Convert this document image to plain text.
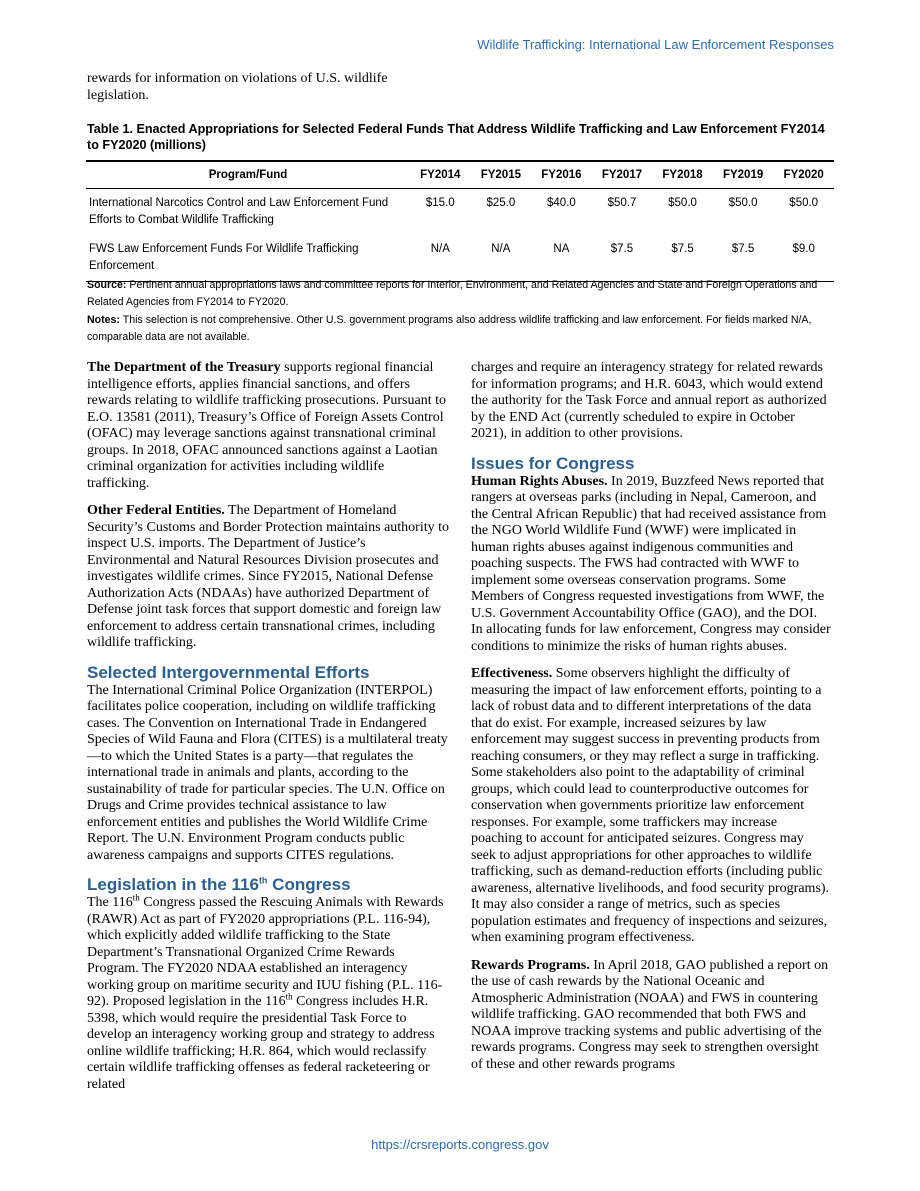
Wildlife Trafficking: International Law Enforcement Responses
rewards for information on violations of U.S. wildlife legislation.
Table 1. Enacted Appropriations for Selected Federal Funds That Address Wildlife Trafficking and Law Enforcement FY2014 to FY2020 (millions)
Program/Fund	FY2014	FY2015	FY2016	FY2017	FY2018	FY2019	FY2020
International Narcotics Control and Law Enforcement Fund Efforts to Combat Wildlife Trafficking	$15.0	$25.0	$40.0	$50.7	$50.0	$50.0	$50.0
FWS Law Enforcement Funds For Wildlife Trafficking Enforcement	N/A	N/A	NA	$7.5	$7.5	$7.5	$9.0
Source: Pertinent annual appropriations laws and committee reports for Interior, Environment, and Related Agencies and State and Foreign Operations and Related Agencies from FY2014 to FY2020.
Notes: This selection is not comprehensive. Other U.S. government programs also address wildlife trafficking and law enforcement. For fields marked N/A, comparable data are not available.

The Department of the Treasury supports regional financial intelligence efforts, applies financial sanctions, and offers rewards relating to wildlife trafficking prosecutions. Pursuant to E.O. 13581 (2011), Treasury’s Office of Foreign Assets Control (OFAC) may leverage sanctions against transnational criminal groups. In 2018, OFAC announced sanctions against a Laotian criminal organization for activities including wildlife trafficking.

Other Federal Entities. The Department of Homeland Security’s Customs and Border Protection maintains authority to inspect U.S. imports. The Department of Justice’s Environmental and Natural Resources Division prosecutes and investigates wildlife crimes. Since FY2015, National Defense Authorization Acts (NDAAs) have authorized Department of Defense joint task forces that support domestic and foreign law enforcement to address certain transnational crimes, including wildlife trafficking.

Selected Intergovernmental Efforts

The International Criminal Police Organization (INTERPOL) facilitates police cooperation, including on wildlife trafficking cases. The Convention on International Trade in Endangered Species of Wild Fauna and Flora (CITES) is a multilateral treaty—to which the United States is a party—that regulates the international trade in animals and plants, according to the sustainability of trade for particular species. The U.N. Office on Drugs and Crime provides technical assistance to law enforcement entities and publishes the World Wildlife Crime Report. The U.N. Environment Program conducts public awareness campaigns and supports CITES regulations.

Legislation in the 116th Congress

The 116th Congress passed the Rescuing Animals with Rewards (RAWR) Act as part of FY2020 appropriations (P.L. 116-94), which explicitly added wildlife trafficking to the State Department’s Transnational Organized Crime Rewards Program. The FY2020 NDAA established an interagency working group on maritime security and IUU fishing (P.L. 116-92). Proposed legislation in the 116th Congress includes H.R. 5398, which would require the presidential Task Force to develop an interagency working group and strategy to address online wildlife trafficking; H.R. 864, which would reclassify certain wildlife trafficking offenses as federal racketeering or related

charges and require an interagency strategy for related rewards for information programs; and H.R. 6043, which would extend the authority for the Task Force and annual report as authorized by the END Act (currently scheduled to expire in October 2021), in addition to other provisions.

Issues for Congress

Human Rights Abuses. In 2019, Buzzfeed News reported that rangers at overseas parks (including in Nepal, Cameroon, and the Central African Republic) that had received assistance from the NGO World Wildlife Fund (WWF) were implicated in human rights abuses against indigenous communities and poaching suspects. The FWS had contracted with WWF to implement some overseas conservation programs. Some Members of Congress requested investigations from WWF, the U.S. Government Accountability Office (GAO), and the DOI. In allocating funds for law enforcement, Congress may consider conditions to minimize the risks of human rights abuses.

Effectiveness. Some observers highlight the difficulty of measuring the impact of law enforcement efforts, pointing to a lack of robust data and to different interpretations of the data that do exist. For example, increased seizures by law enforcement may suggest success in preventing products from reaching consumers, or they may reflect a surge in trafficking. Some stakeholders also point to the adaptability of criminal groups, which could lead to counterproductive outcomes for conservation when governments prioritize law enforcement responses. For example, some traffickers may increase poaching to account for anticipated seizures. Congress may seek to adjust appropriations for other approaches to wildlife trafficking, such as demand-reduction efforts (including public awareness, alternative livelihoods, and food security programs). It may also consider a range of metrics, such as species population estimates and frequency of inspections and seizures, when examining program effectiveness.

Rewards Programs. In April 2018, GAO published a report on the use of cash rewards by the National Oceanic and Atmospheric Administration (NOAA) and FWS in countering wildlife trafficking. GAO recommended that both FWS and NOAA improve tracking systems and public advertising of the rewards programs. Congress may seek to strengthen oversight of these and other rewards programs

https://crsreports.congress.gov
